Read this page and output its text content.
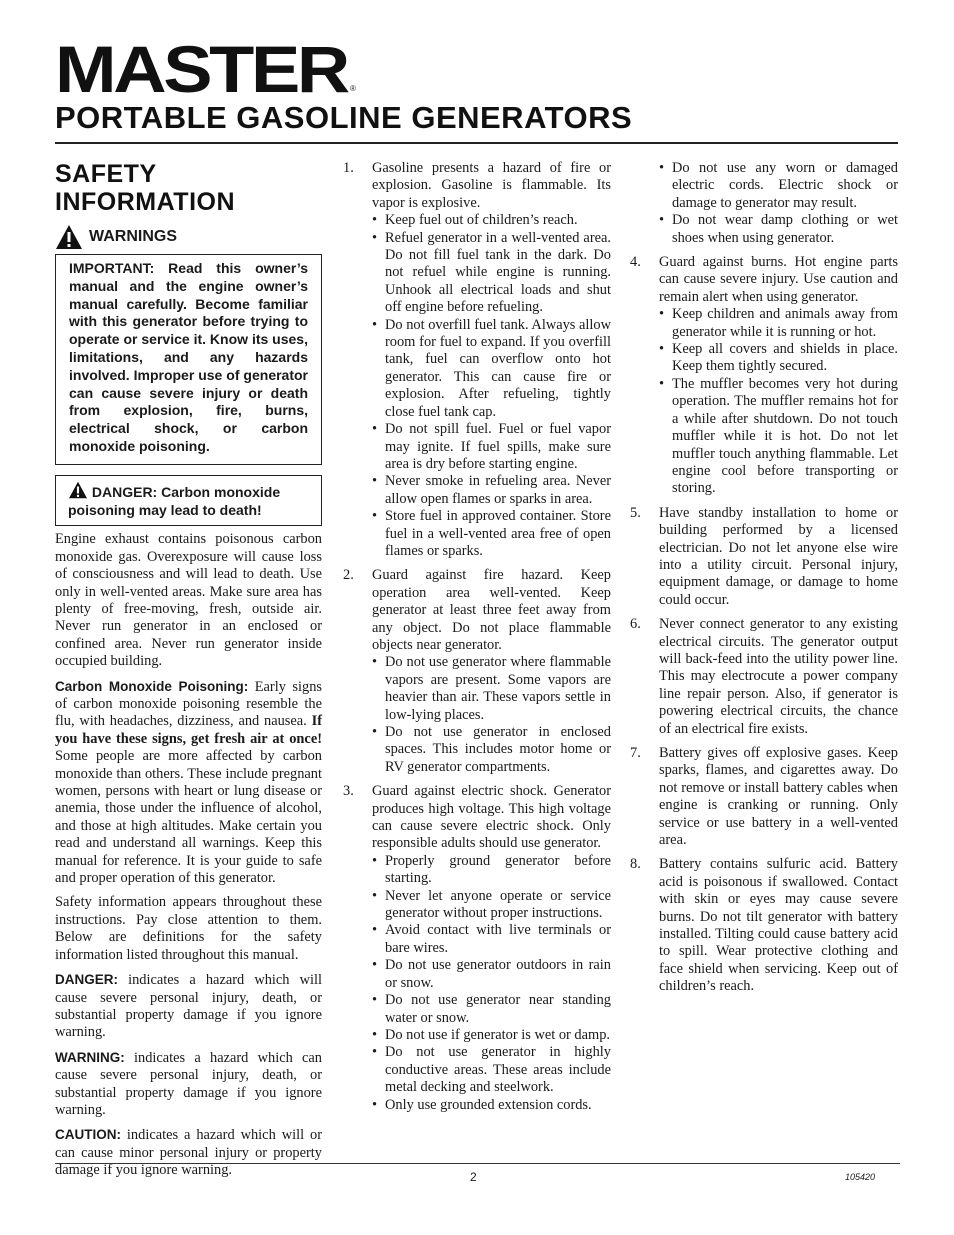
MASTER ®
PORTABLE GASOLINE GENERATORS
SAFETY
INFORMATION
WARNINGS
IMPORTANT: Read this owner’s manual and the engine owner’s manual carefully. Become familiar with this generator before trying to operate or service it. Know its uses, limitations, and any hazards involved. Improper use of generator can cause severe injury or death from explosion, fire, burns, electrical shock, or carbon monoxide poisoning.
DANGER: Carbon monoxide poisoning may lead to death!
Engine exhaust contains poisonous carbon monoxide gas. Overexposure will cause loss of consciousness and will lead to death. Use only in well-vented areas. Make sure area has plenty of free-moving, fresh, outside air. Never run generator in an enclosed or confined area. Never run generator inside occupied building.
Carbon Monoxide Poisoning: Early signs of carbon monoxide poisoning resemble the flu, with headaches, dizziness, and nausea. If you have these signs, get fresh air at once! Some people are more affected by carbon monoxide than others. These include pregnant women, persons with heart or lung disease or anemia, those under the influence of alcohol, and those at high altitudes. Make certain you read and understand all warnings. Keep this manual for reference. It is your guide to safe and proper operation of this generator.
Safety information appears throughout these instructions. Pay close attention to them. Below are definitions for the safety information listed throughout this manual.
DANGER: indicates a hazard which will cause severe personal injury, death, or substantial property damage if you ignore warning.
WARNING: indicates a hazard which can cause severe personal injury, death, or substantial property damage if you ignore warning.
CAUTION: indicates a hazard which will or can cause minor personal injury or property damage if you ignore warning.
1.	Gasoline presents a hazard of fire or explosion. Gasoline is flammable. Its vapor is explosive.
• Keep fuel out of children’s reach.
• Refuel generator in a well-vented area. Do not fill fuel tank in the dark. Do not refuel while engine is running. Unhook all electrical loads and shut off engine before refueling.
• Do not overfill fuel tank. Always allow room for fuel to expand. If you overfill tank, fuel can overflow onto hot generator. This can cause fire or explosion. After refueling, tightly close fuel tank cap.
• Do not spill fuel. Fuel or fuel vapor may ignite. If fuel spills, make sure area is dry before starting engine.
• Never smoke in refueling area. Never allow open flames or sparks in area.
• Store fuel in approved container. Store fuel in a well-vented area free of open flames or sparks.
2.	Guard against fire hazard. Keep operation area well-vented. Keep generator at least three feet away from any object. Do not place flammable objects near generator.
• Do not use generator where flammable vapors are present. Some vapors are heavier than air. These vapors settle in low-lying places.
• Do not use generator in enclosed spaces. This includes motor home or RV generator compartments.
3.	Guard against electric shock. Generator produces high voltage. This high voltage can cause severe electric shock. Only responsible adults should use generator.
• Properly ground generator before starting.
• Never let anyone operate or service generator without proper instructions.
• Avoid contact with live terminals or bare wires.
• Do not use generator outdoors in rain or snow.
• Do not use generator near standing water or snow.
• Do not use if generator is wet or damp.
• Do not use generator in highly conductive areas. These areas include metal decking and steelwork.
• Only use grounded extension cords.
• Do not use any worn or damaged electric cords. Electric shock or damage to generator may result.
• Do not wear damp clothing or wet shoes when using generator.
4.	Guard against burns. Hot engine parts can cause severe injury. Use caution and remain alert when using generator.
• Keep children and animals away from generator while it is running or hot.
• Keep all covers and shields in place. Keep them tightly secured.
• The muffler becomes very hot during operation. The muffler remains hot for a while after shutdown. Do not touch muffler while it is hot. Do not let muffler touch anything flammable. Let engine cool before transporting or storing.
5.	Have standby installation to home or building performed by a licensed electrician. Do not let anyone else wire into a utility circuit. Personal injury, equipment damage, or damage to home could occur.
6.	Never connect generator to any existing electrical circuits. The generator output will back-feed into the utility power line. This may electrocute a power company line repair person. Also, if generator is powering electrical circuits, the chance of an electrical fire exists.
7.	Battery gives off explosive gases. Keep sparks, flames, and cigarettes away. Do not remove or install battery cables when engine is cranking or running. Only service or use battery in a well-vented area.
8.	Battery contains sulfuric acid. Battery acid is poisonous if swallowed. Contact with skin or eyes may cause severe burns. Do not tilt generator with battery installed. Tilting could cause battery acid to spill. Wear protective clothing and face shield when servicing. Keep out of children’s reach.
2	105420
